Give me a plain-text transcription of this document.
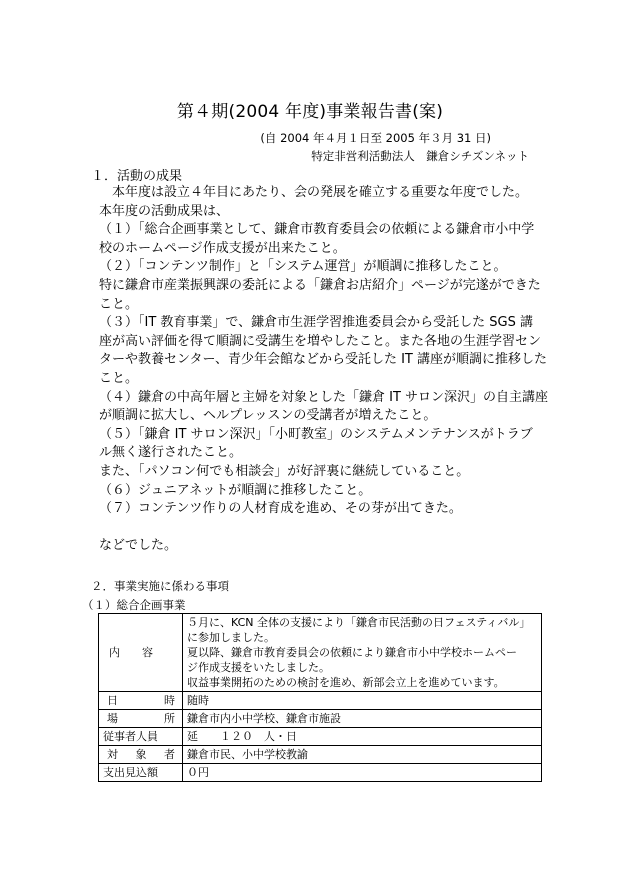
第４期(2004 年度)事業報告書(案)
(自 2004 年４月１日至 2005 年３月 31 日)
特定非営利活動法人　鎌倉シチズンネット
１．活動の成果
本年度は設立４年目にあたり、会の発展を確立する重要な年度でした。
本年度の活動成果は、
（１）「総合企画事業として、鎌倉市教育委員会の依頼による鎌倉市小中学
校のホームページ作成支援が出来たこと。
（２）「コンテンツ制作」と「システム運営」が順調に推移したこと。
特に鎌倉市産業振興課の委託による「鎌倉お店紹介」ページが完遂ができた
こと。
（３）「IT 教育事業」で、鎌倉市生涯学習推進委員会から受託した SGS 講
座が高い評価を得て順調に受講生を増やしたこと。また各地の生涯学習セン
ターや教養センター、青少年会館などから受託した IT 講座が順調に推移した
こと。
（４）鎌倉の中高年層と主婦を対象とした「鎌倉 IT サロン深沢」の自主講座
が順調に拡大し、ヘルプレッスンの受講者が増えたこと。
（５）「鎌倉 IT サロン深沢」「小町教室」のシステムメンテナンスがトラブ
ル無く遂行されたこと。
また、「パソコン何でも相談会」が好評裏に継続していること。
（６）ジュニアネットが順調に推移したこと。
（７）コンテンツ作りの人材育成を進め、その芽が出てきた。
などでした。
２．事業実施に係わる事項
（１）総合企画事業
内　　容	５月に、KCN 全体の支援により「鎌倉市民活動の日フェスティバル」
に参加しました。
夏以降、鎌倉市教育委員会の依頼により鎌倉市小中学校ホームペー
ジ作成支援をいたしました。
収益事業開拓のための検討を進め、新部会立上を進めています。

日時	随時
場所	鎌倉市内小中学校、鎌倉市施設
従事者人員	延　　１２０　人・日
対象者	鎌倉市民、小中学校教諭
支出見込額	０円
